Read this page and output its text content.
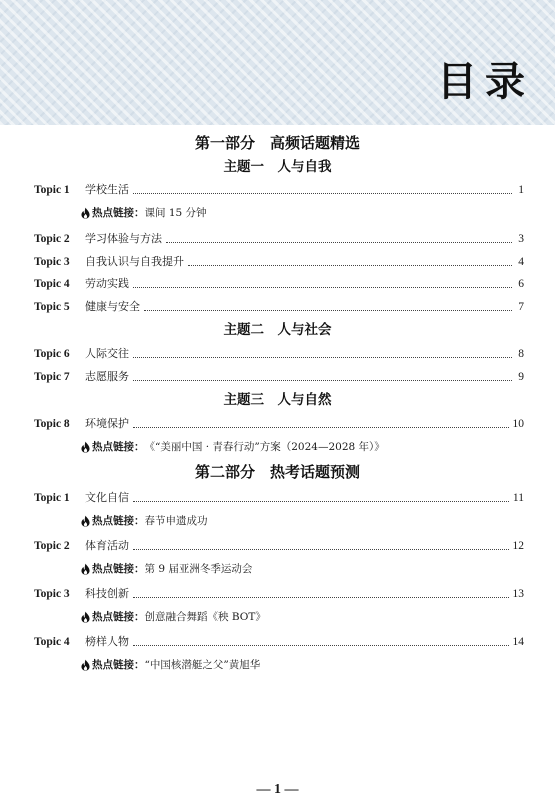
目录
第一部分　高频话题精选
主题一　人与自我
Topic 1	学校生活	1
热点链接： 课间 15 分钟
Topic 2	学习体验与方法	3
Topic 3	自我认识与自我提升	4
Topic 4	劳动实践	6
Topic 5	健康与安全	7
主题二　人与社会
Topic 6	人际交往	8
Topic 7	志愿服务	9
主题三　人与自然
Topic 8	环境保护	10
热点链接： 《“美丽中国 · 青春行动”方案（2024—2028 年）》
第二部分　热考话题预测
Topic 1	文化自信	11
热点链接： 春节申遗成功
Topic 2	体育活动	12
热点链接： 第 9 届亚洲冬季运动会
Topic 3	科技创新	13
热点链接： 创意融合舞蹈《秧 BOT》
Topic 4	榜样人物	14
热点链接： “中国核潜艇之父”黄旭华
— 1 —
